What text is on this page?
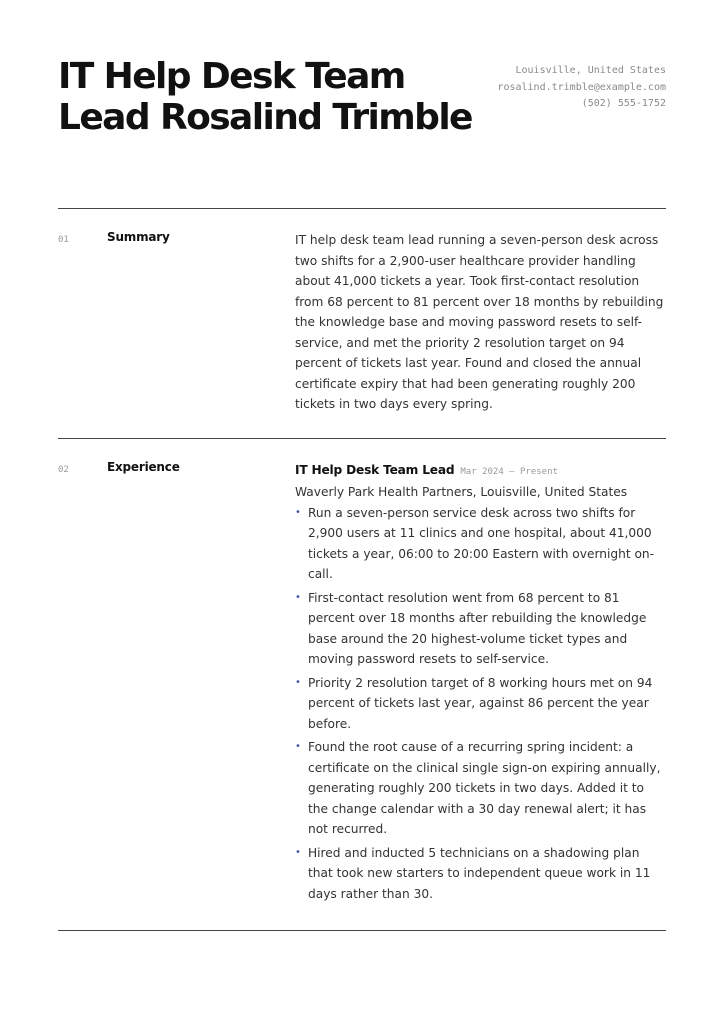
IT Help Desk Team Lead Rosalind Trimble
Louisville, United States
rosalind.trimble@example.com
(502) 555-1752
01	Summary	IT help desk team lead running a seven-person desk across two shifts for a 2,900-user healthcare provider handling about 41,000 tickets a year. Took first-contact resolution from 68 percent to 81 percent over 18 months by rebuilding the knowledge base and moving password resets to self-service, and met the priority 2 resolution target on 94 percent of tickets last year. Found and closed the annual certificate expiry that had been generating roughly 200 tickets in two days every spring.

02	Experience	IT Help Desk Team Lead Mar 2024 – Present
Waverly Park Health Partners, Louisville, United States
• Run a seven-person service desk across two shifts for 2,900 users at 11 clinics and one hospital, about 41,000 tickets a year, 06:00 to 20:00 Eastern with overnight on-call.
• First-contact resolution went from 68 percent to 81 percent over 18 months after rebuilding the knowledge base around the 20 highest-volume ticket types and moving password resets to self-service.
• Priority 2 resolution target of 8 working hours met on 94 percent of tickets last year, against 86 percent the year before.
• Found the root cause of a recurring spring incident: a certificate on the clinical single sign-on expiring annually, generating roughly 200 tickets in two days. Added it to the change calendar with a 30 day renewal alert; it has not recurred.
• Hired and inducted 5 technicians on a shadowing plan that took new starters to independent queue work in 11 days rather than 30.
